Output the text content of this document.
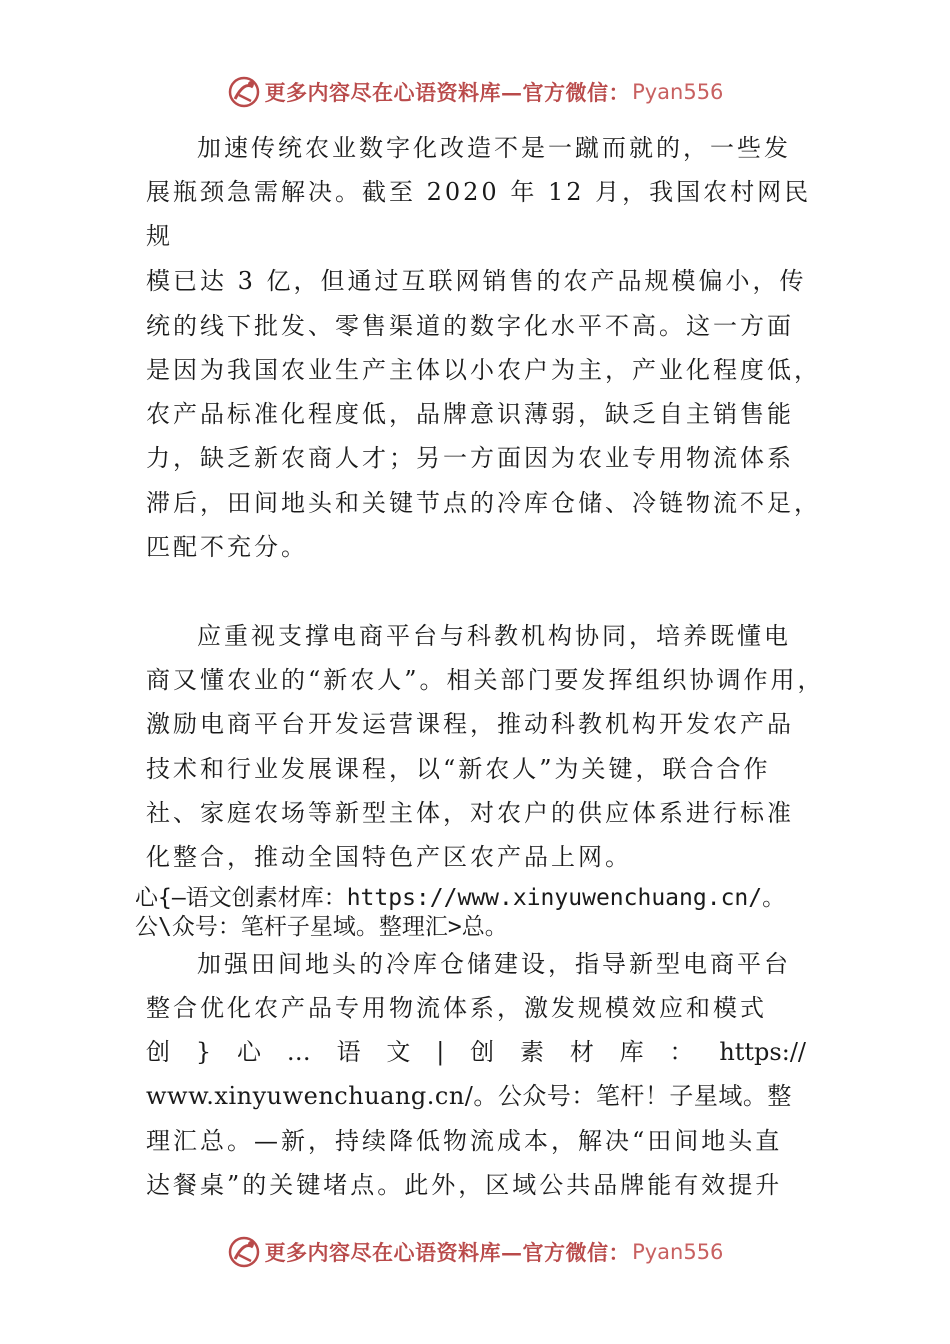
更多内容尽在心语资料库—官方微信： Pyan556
加速传统农业数字化改造不是一蹴而就的，一些发
展瓶颈急需解决。截至 2020 年 12 月，我国农村网民
规
模已达 3 亿，但通过互联网销售的农产品规模偏小，传
统的线下批发、零售渠道的数字化水平不高。这一方面
是因为我国农业生产主体以小农户为主，产业化程度低，
农产品标准化程度低，品牌意识薄弱，缺乏自主销售能
力，缺乏新农商人才；另一方面因为农业专用物流体系
滞后，田间地头和关键节点的冷库仓储、冷链物流不足，
匹配不充分。
应重视支撑电商平台与科教机构协同，培养既懂电
商又懂农业的“新农人”。相关部门要发挥组织协调作用，
激励电商平台开发运营课程，推动科教机构开发农产品
技术和行业发展课程，以“新农人”为关键，联合合作
社、家庭农场等新型主体，对农户的供应体系进行标准
化整合，推动全国特色产区农产品上网。
心{—语文创素材库：https://www.xinyuwenchuang.cn/。
公\众号：笔杆子星域。整理汇>总。
加强田间地头的冷库仓储建设，指导新型电商平台
整合优化农产品专用物流体系，激发规模效应和模式
创 } 心 … 语 文 | 创 素 材 库 ： https://
www.xinyuwenchuang.cn/。公众号：笔杆！子星域。整
理汇总。—新，持续降低物流成本，解决“田间地头直
达餐桌”的关键堵点。此外，区域公共品牌能有效提升
更多内容尽在心语资料库—官方微信： Pyan556
